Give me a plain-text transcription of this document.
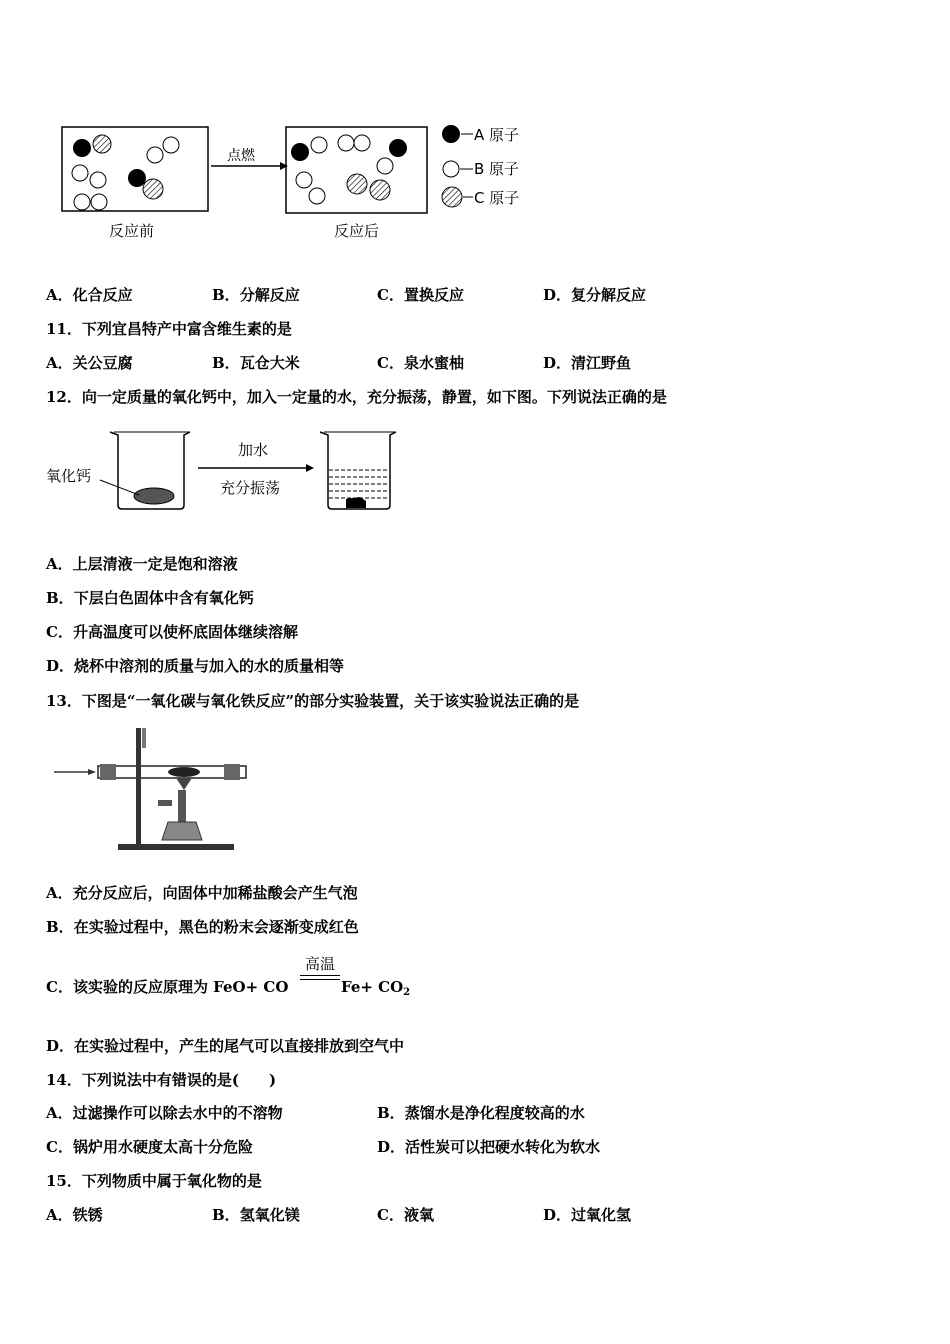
反应前
点燃
反应后
A 原子
B 原子
C 原子
A．化合反应	B．分解反应	C．置换反应	D．复分解反应
11．下列宜昌特产中富含维生素的是
A．关公豆腐	B．瓦仓大米	C．泉水蜜柚	D．清江野鱼
12．向一定质量的氧化钙中，加入一定量的水，充分振荡，静置，如下图。下列说法正确的是
氧化钙
加水
充分振荡
A．上层清液一定是饱和溶液
B．下层白色固体中含有氧化钙
C．升高温度可以使杯底固体继续溶解
D．烧杯中溶剂的质量与加入的水的质量相等
13．下图是“一氧化碳与氧化铁反应”的部分实验装置，关于该实验说法正确的是
A．充分反应后，向固体中加稀盐酸会产生气泡
B．在实验过程中，黑色的粉末会逐渐变成红色
C．该实验的反应原理为 FeO+ CO
高温
$Fe+ CO_2$
D．在实验过程中，产生的尾气可以直接排放到空气中
14．下列说法中有错误的是(　　)
A．过滤操作可以除去水中的不溶物	B．蒸馏水是净化程度较高的水
C．锅炉用水硬度太高十分危险	D．活性炭可以把硬水转化为软水
15．下列物质中属于氧化物的是
A．铁锈	B．氢氧化镁	C．液氧	D．过氧化氢
